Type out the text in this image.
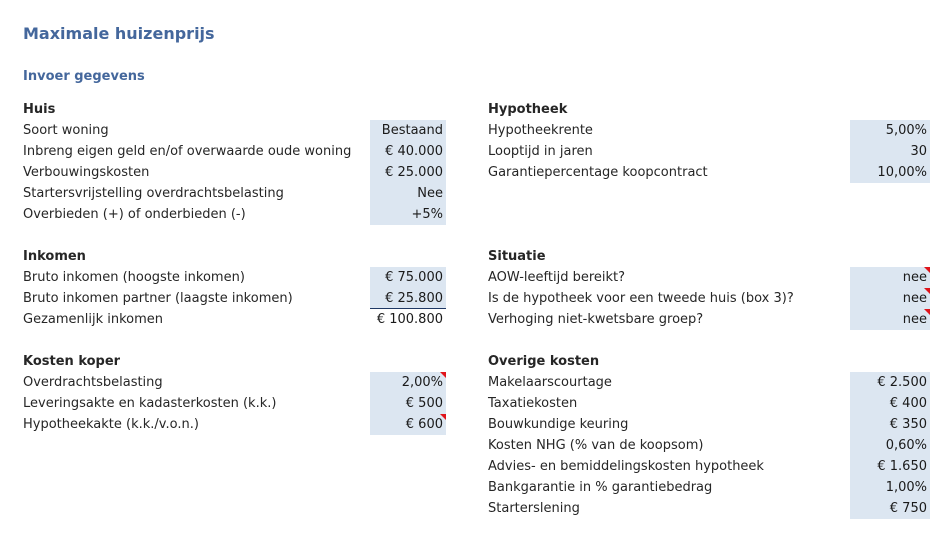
Maximale huizenprijs
Invoer gegevens
Huis
Soort woning	Bestaand
Inbreng eigen geld en/of overwaarde oude woning	€ 40.000
Verbouwingskosten	€ 25.000
Startersvrijstelling overdrachtsbelasting	Nee
Overbieden (+) of onderbieden (-)	+5%
Inkomen
Bruto inkomen (hoogste inkomen)	€ 75.000
Bruto inkomen partner (laagste inkomen)	€ 25.800
Gezamenlijk inkomen	€ 100.800
Kosten koper
Overdrachtsbelasting	2,00%
Leveringsakte en kadasterkosten (k.k.)	€ 500
Hypotheekakte (k.k./v.o.n.)	€ 600
Hypotheek
Hypotheekrente	5,00%
Looptijd in jaren	30
Garantiepercentage koopcontract	10,00%
Situatie
AOW-leeftijd bereikt?	nee
Is de hypotheek voor een tweede huis (box 3)?	nee
Verhoging niet-kwetsbare groep?	nee
Overige kosten
Makelaarscourtage	€ 2.500
Taxatiekosten	€ 400
Bouwkundige keuring	€ 350
Kosten NHG (% van de koopsom)	0,60%
Advies- en bemiddelingskosten hypotheek	€ 1.650
Bankgarantie in % garantiebedrag	1,00%
Starterslening	€ 750
